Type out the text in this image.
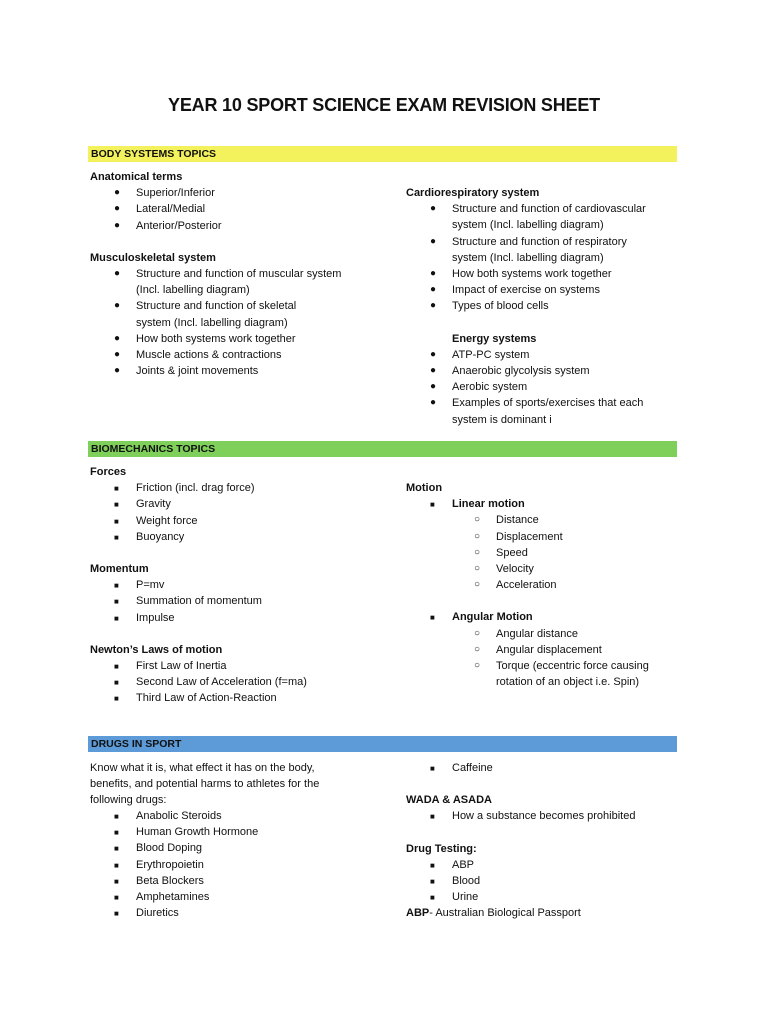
YEAR 10 SPORT SCIENCE EXAM REVISION SHEET
BODY SYSTEMS TOPICS
Anatomical terms
● Superior/Inferior
● Lateral/Medial
● Anterior/Posterior
Musculoskeletal system
● Structure and function of muscular system
(Incl. labelling diagram)
● Structure and function of skeletal
system (Incl. labelling diagram)
● How both systems work together
● Muscle actions & contractions
● Joints & joint movements
Cardiorespiratory system
● Structure and function of cardiovascular
system (Incl. labelling diagram)
● Structure and function of respiratory
system (Incl. labelling diagram)
● How both systems work together
● Impact of exercise on systems
● Types of blood cells
Energy systems
● ATP-PC system
● Anaerobic glycolysis system
● Aerobic system
● Examples of sports/exercises that each
system is dominant i
BIOMECHANICS TOPICS
Forces
■ Friction (incl. drag force)
■ Gravity
■ Weight force
■ Buoyancy
Momentum
■ P=mv
■ Summation of momentum
■ Impulse
Newton’s Laws of motion
■ First Law of Inertia
■ Second Law of Acceleration (f=ma)
■ Third Law of Action-Reaction
Motion
■ Linear motion
○ Distance
○ Displacement
○ Speed
○ Velocity
○ Acceleration
■ Angular Motion
○ Angular distance
○ Angular displacement
○ Torque (eccentric force causing
rotation of an object i.e. Spin)
DRUGS IN SPORT
Know what it is, what effect it has on the body,
benefits, and potential harms to athletes for the
following drugs:
■ Anabolic Steroids
■ Human Growth Hormone
■ Blood Doping
■ Erythropoietin
■ Beta Blockers
■ Amphetamines
■ Diuretics
■ Caffeine
WADA & ASADA
■ How a substance becomes prohibited
Drug Testing:
■ ABP
■ Blood
■ Urine
ABP- Australian Biological Passport
